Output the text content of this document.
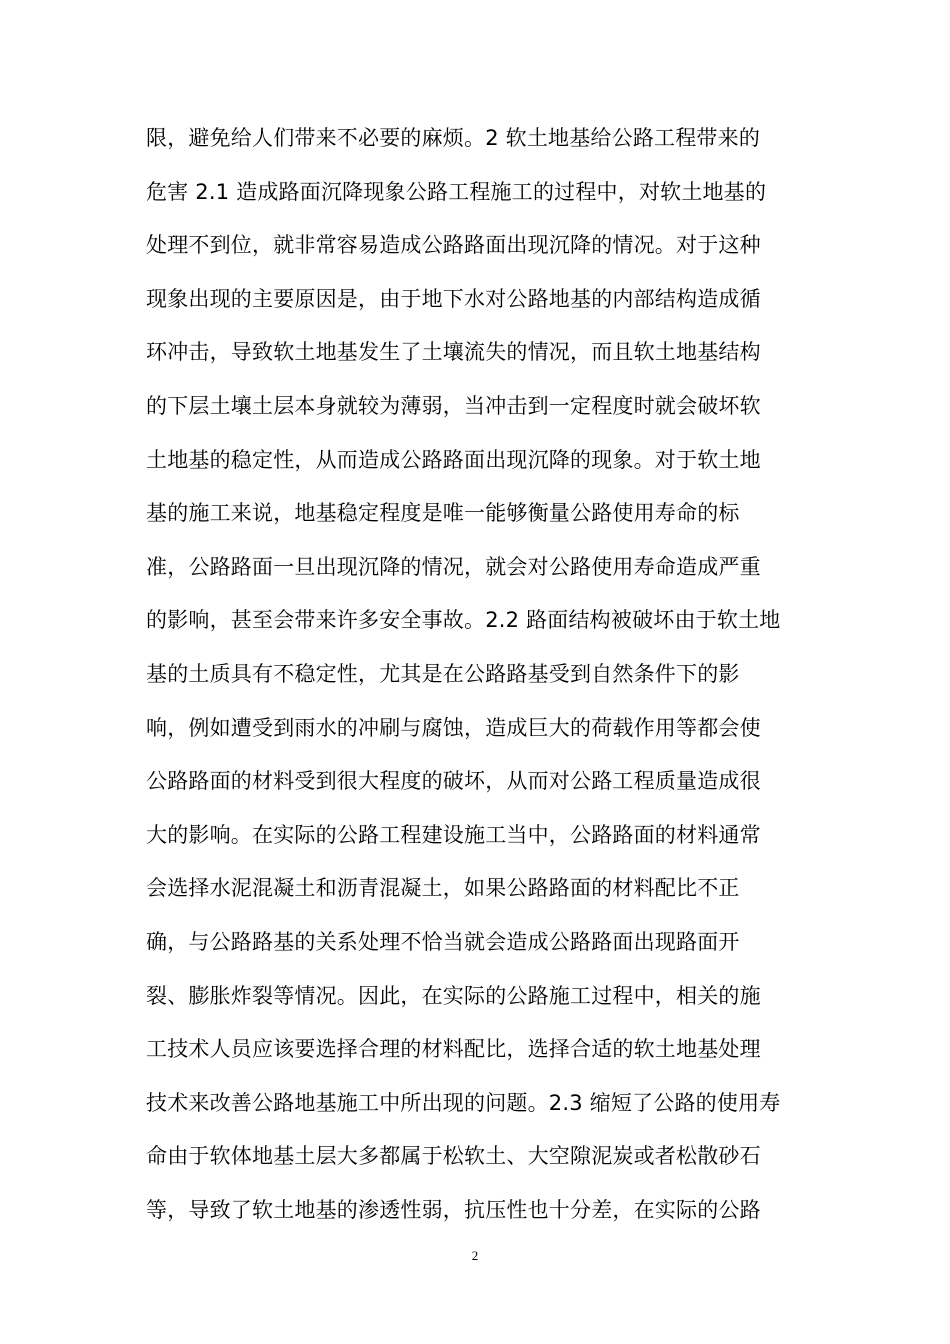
限，避免给人们带来不必要的麻烦。2 软土地基给公路工程带来的
危害 2.1 造成路面沉降现象公路工程施工的过程中，对软土地基的
处理不到位，就非常容易造成公路路面出现沉降的情况。对于这种
现象出现的主要原因是，由于地下水对公路地基的内部结构造成循
环冲击，导致软土地基发生了土壤流失的情况，而且软土地基结构
的下层土壤土层本身就较为薄弱，当冲击到一定程度时就会破坏软
土地基的稳定性，从而造成公路路面出现沉降的现象。对于软土地
基的施工来说，地基稳定程度是唯一能够衡量公路使用寿命的标
准，公路路面一旦出现沉降的情况，就会对公路使用寿命造成严重
的影响，甚至会带来许多安全事故。2.2 路面结构被破坏由于软土地
基的土质具有不稳定性，尤其是在公路路基受到自然条件下的影
响，例如遭受到雨水的冲刷与腐蚀，造成巨大的荷载作用等都会使
公路路面的材料受到很大程度的破坏，从而对公路工程质量造成很
大的影响。在实际的公路工程建设施工当中，公路路面的材料通常
会选择水泥混凝土和沥青混凝土，如果公路路面的材料配比不正
确，与公路路基的关系处理不恰当就会造成公路路面出现路面开
裂、膨胀炸裂等情况。因此，在实际的公路施工过程中，相关的施
工技术人员应该要选择合理的材料配比，选择合适的软土地基处理
技术来改善公路地基施工中所出现的问题。2.3 缩短了公路的使用寿
命由于软体地基土层大多都属于松软土、大空隙泥炭或者松散砂石
等，导致了软土地基的渗透性弱，抗压性也十分差，在实际的公路
2
